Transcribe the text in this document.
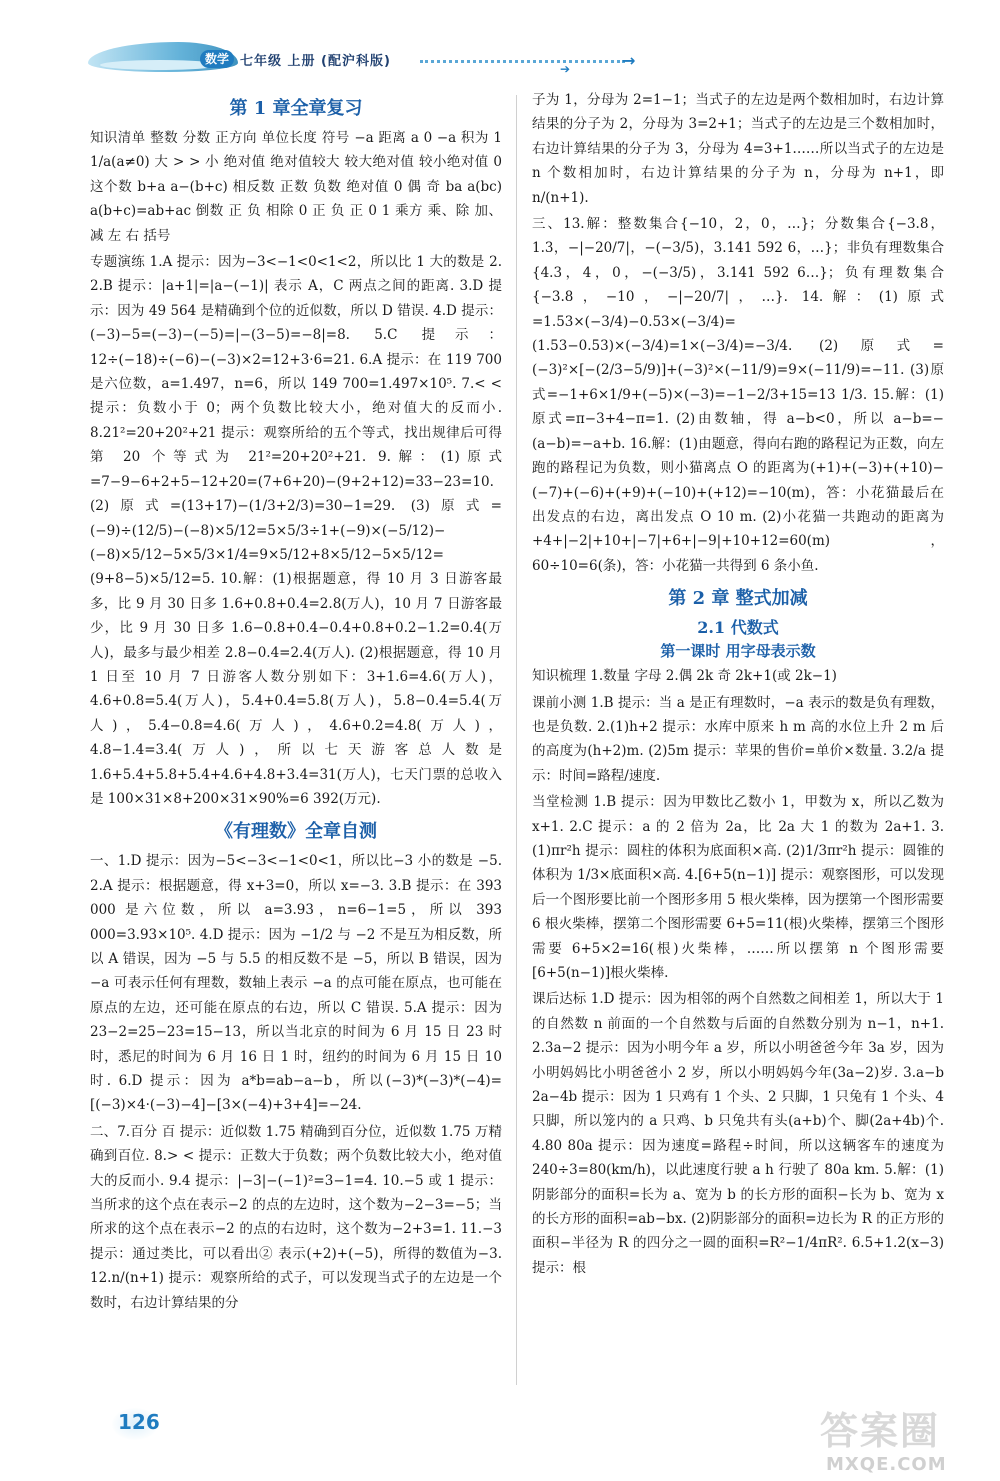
数学 七年级 上册 (配沪科版)	➔	→
第 1 章全章复习

知识清单 整数 分数 正方向 单位长度 符号 −a 距离 a 0 −a 积为 1 1/a(a≠0) 大 > > 小 绝对值 绝对值较大 较大绝对值 较小绝对值 0 这个数 b+a a−(b+c) 相反数 正数 负数 绝对值 0 偶 奇 ba a(bc) a(b+c)=ab+ac 倒数 正 负 相除 0 正 负 正 0 1 乘方 乘、除 加、减 左 右 括号

专题演练 1.A 提示：因为−3<−1<0<1<2，所以比 1 大的数是 2. 2.B 提示：|a+1|=|a−(−1)| 表示 A，C 两点之间的距离. 3.D 提示：因为 49 564 是精确到个位的近似数，所以 D 错误. 4.D 提示：(−3)−5=(−3)−(−5)=|−(3−5)=−8|=8. 5.C 提示：12÷(−18)÷(−6)−(−3)×2=12+3·6=21. 6.A 提示：在 119 700 是六位数，a=1.497，n=6，所以 149 700=1.497×10⁵. 7.< < 提示：负数小于 0；两个负数比较大小，绝对值大的反而小. 8.21²=20+20²+21 提示：观察所给的五个等式，找出规律后可得第 20 个等式为 21²=20+20²+21. 9.解：(1)原式=7−9−6+2+5−12+20=(7+6+20)−(9+2+12)=33−23=10. (2)原式=(13+17)−(1/3+2/3)=30−1=29. (3)原式=(−9)÷(12/5)−(−8)×5/12=5×5/3÷1+(−9)×(−5/12)−(−8)×5/12−5×5/3×1/4=9×5/12+8×5/12−5×5/12=(9+8−5)×5/12=5. 10.解：(1)根据题意，得 10 月 3 日游客最多，比 9 月 30 日多 1.6+0.8+0.4=2.8(万人)，10 月 7 日游客最少，比 9 月 30 日多 1.6−0.8+0.4−0.4+0.8+0.2−1.2=0.4(万人)，最多与最少相差 2.8−0.4=2.4(万人). (2)根据题意，得 10 月 1 日至 10 月 7 日游客人数分别如下：3+1.6=4.6(万人)，4.6+0.8=5.4(万人)，5.4+0.4=5.8(万人)，5.8−0.4=5.4(万人)，5.4−0.8=4.6(万人)，4.6+0.2=4.8(万人)，4.8−1.4=3.4(万人)，所以七天游客总人数是 1.6+5.4+5.8+5.4+4.6+4.8+3.4=31(万人)，七天门票的总收入是 100×31×8+200×31×90%=6 392(万元).

《有理数》全章自测

一、1.D 提示：因为−5<−3<−1<0<1，所以比−3 小的数是 −5. 2.A 提示：根据题意，得 x+3=0，所以 x=−3. 3.B 提示：在 393 000 是六位数，所以 a=3.93，n=6−1=5，所以 393 000=3.93×10⁵. 4.D 提示：因为 −1/2 与 −2 不是互为相反数，所以 A 错误，因为 −5 与 5.5 的相反数不是 −5，所以 B 错误，因为 −a 可表示任何有理数，数轴上表示 −a 的点可能在原点，也可能在原点的左边，还可能在原点的右边，所以 C 错误. 5.A 提示：因为 23−2=25−23=15−13，所以当北京的时间为 6 月 15 日 23 时时，悉尼的时间为 6 月 16 日 1 时，纽约的时间为 6 月 15 日 10 时. 6.D 提示：因为 a*b=ab−a−b，所以(−3)*(−3)*(−4)=[(−3)×4·(−3)−4]−[3×(−4)+3+4]=−24.

二、7.百分 百 提示：近似数 1.75 精确到百分位，近似数 1.75 万精确到百位. 8.> < 提示：正数大于负数；两个负数比较大小，绝对值大的反而小. 9.4 提示：|−3|−(−1)²=3−1=4. 10.−5 或 1 提示：当所求的这个点在表示−2 的点的左边时，这个数为−2−3=−5；当所求的这个点在表示−2 的点的右边时，这个数为−2+3=1. 11.−3 提示：通过类比，可以看出② 表示(+2)+(−5)，所得的数值为−3. 12.n/(n+1) 提示：观察所给的式子，可以发现当式子的左边是一个数时，右边计算结果的分

子为 1，分母为 2=1−1；当式子的左边是两个数相加时，右边计算结果的分子为 2，分母为 3=2+1；当式子的左边是三个数相加时，右边计算结果的分子为 3，分母为 4=3+1……所以当式子的左边是 n 个数相加时，右边计算结果的分子为 n，分母为 n+1，即 n/(n+1).

三、13.解：整数集合{−10，2，0，…}；分数集合{−3.8，1.3，−|−20/7|，−(−3/5)，3.141 592 6，…}；非负有理数集合{4.3，4，0，−(−3/5)，3.141 592 6…}；负有理数集合{−3.8，−10，−|−20/7|，…}. 14.解：(1)原式=1.53×(−3/4)−0.53×(−3/4)=(1.53−0.53)×(−3/4)=1×(−3/4)=−3/4. (2)原式=(−3)²×[−(2/3−5/9)]+(−3)²×(−11/9)=9×(−11/9)=−11. (3)原式=−1+6×1/9+(−5)×(−3)=−1−2/3+15=13 1/3. 15.解：(1)原式=π−3+4−π=1. (2)由数轴，得 a−b<0，所以 a−b=−(a−b)=−a+b. 16.解：(1)由题意，得向右跑的路程记为正数，向左跑的路程记为负数，则小猫离点 O 的距离为(+1)+(−3)+(+10)−(−7)+(−6)+(+9)+(−10)+(+12)=−10(m)，答：小花猫最后在出发点的右边，离出发点 O 10 m. (2)小花猫一共跑动的距离为 +4+|−2|+10+|−7|+6+|−9|+10+12=60(m)，60÷10=6(条)，答：小花猫一共得到 6 条小鱼.

第 2 章 整式加减
2.1 代数式
第一课时 用字母表示数

知识梳理 1.数量 字母 2.偶 2k 奇 2k+1(或 2k−1)

课前小测 1.B 提示：当 a 是正有理数时，−a 表示的数是负有理数，也是负数. 2.(1)h+2 提示：水库中原来 h m 高的水位上升 2 m 后的高度为(h+2)m. (2)5m 提示：苹果的售价=单价×数量. 3.2/a 提示：时间=路程/速度.

当堂检测 1.B 提示：因为甲数比乙数小 1，甲数为 x，所以乙数为 x+1. 2.C 提示：a 的 2 倍为 2a，比 2a 大 1 的数为 2a+1. 3.(1)πr²h 提示：圆柱的体积为底面积×高. (2)1/3πr²h 提示：圆锥的体积为 1/3×底面积×高. 4.[6+5(n−1)] 提示：观察图形，可以发现后一个图形要比前一个图形多用 5 根火柴棒，因为摆第一个图形需要 6 根火柴棒，摆第二个图形需要 6+5=11(根)火柴棒，摆第三个图形需要 6+5×2=16(根)火柴棒，……所以摆第 n 个图形需要[6+5(n−1)]根火柴棒.

课后达标 1.D 提示：因为相邻的两个自然数之间相差 1，所以大于 1 的自然数 n 前面的一个自然数与后面的自然数分别为 n−1，n+1. 2.3a−2 提示：因为小明今年 a 岁，所以小明爸爸今年 3a 岁，因为小明妈妈比小明爸爸小 2 岁，所以小明妈妈今年(3a−2)岁. 3.a−b 2a−4b 提示：因为 1 只鸡有 1 个头、2 只脚，1 只兔有 1 个头、4 只脚，所以笼内的 a 只鸡、b 只兔共有头(a+b)个、脚(2a+4b)个. 4.80 80a 提示：因为速度=路程÷时间，所以这辆客车的速度为 240÷3=80(km/h)，以此速度行驶 a h 行驶了 80a km. 5.解：(1)阴影部分的面积=长为 a、宽为 b 的长方形的面积−长为 b、宽为 x 的长方形的面积=ab−bx. (2)阴影部分的面积=边长为 R 的正方形的面积−半径为 R 的四分之一圆的面积=R²−1/4πR². 6.5+1.2(x−3) 提示：根

126	答案圈
MXQE.COM
